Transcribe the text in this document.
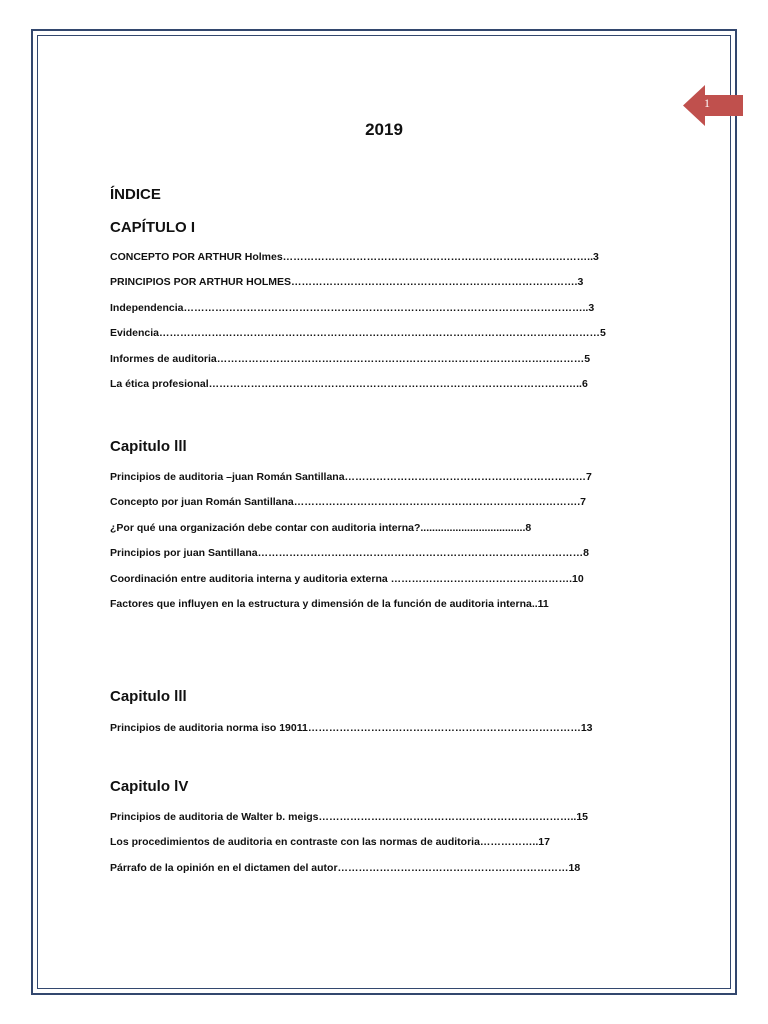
1
2019
ÍNDICE
CAPÍTULO I
CONCEPTO POR ARTHUR Holmes……………………………………………………………………………..3
PRINCIPIOS POR ARTHUR HOLMES……………………………………………………………………….3
Independencia……………………………………………………………………………………………………..3
Evidencia………………………………………………………………………………………………………………5
Informes de auditoria……………………………………………………………………………………………5
La ética profesional……………………………………………………………………………………………..6
Capitulo lll
Principios de auditoria –juan Román Santillana……………………………………………………………7
Concepto por juan Román Santillana……………………………………………………………………….7
¿Por qué una organización debe contar con auditoria interna?....................................8
Principios por juan Santillana…………………………………………………………………………………8
Coordinación entre auditoria interna y auditoria externa …………………………………………….10
Factores que influyen en la estructura y dimensión de la función de auditoria interna..11
Capitulo lll
Principios de auditoria norma iso 19011……………………………………………………………………13
Capitulo lV
Principios de auditoria de Walter b. meigs………………………………………………………………..15
Los procedimientos de auditoria en contraste con las normas de auditoria……………..17
Párrafo de la opinión en el dictamen del autor…………………………………………………………18
